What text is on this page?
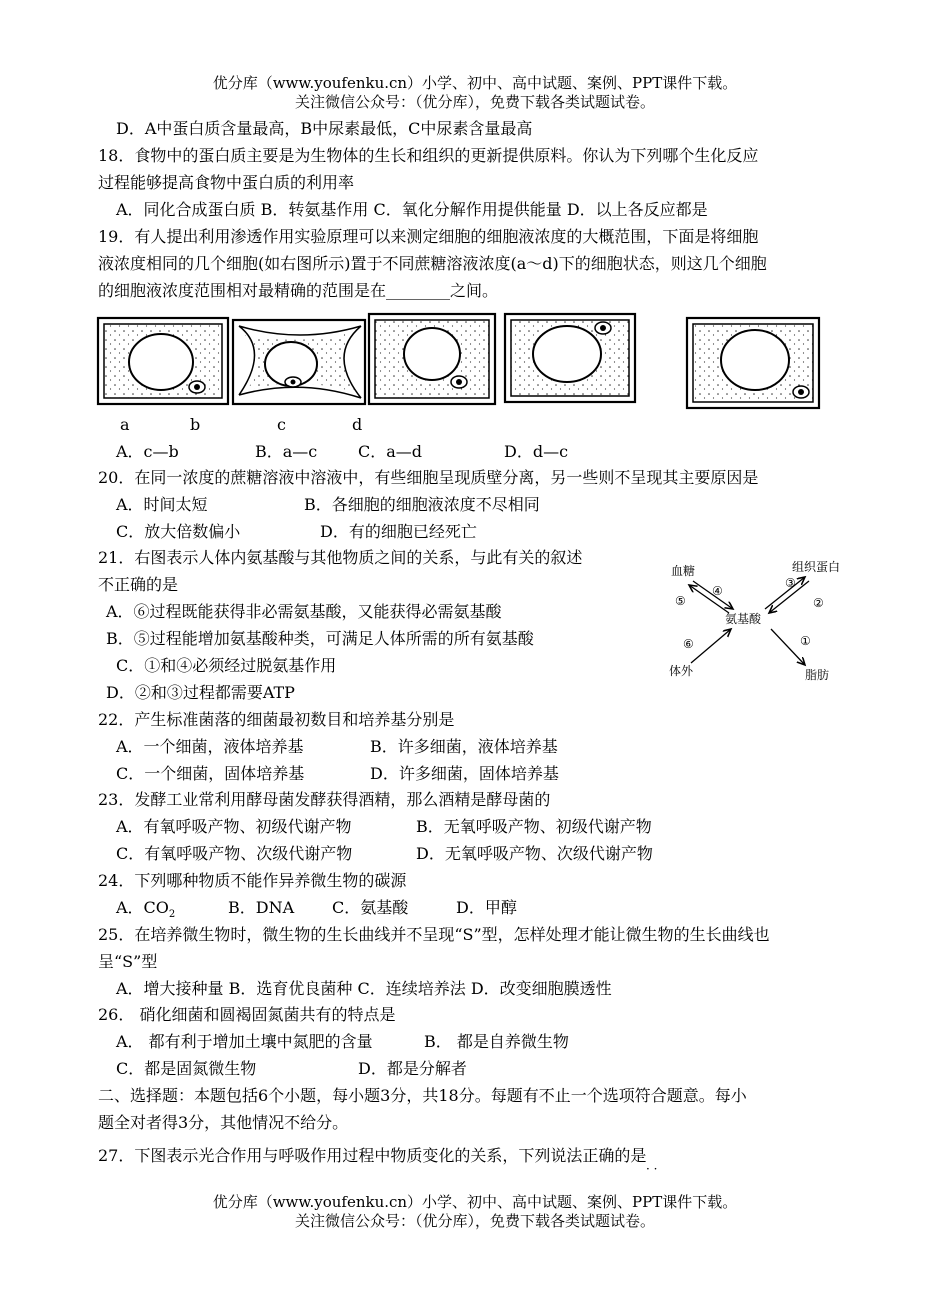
优分库（www.youfenku.cn）小学、初中、高中试题、案例、PPT课件下载。
关注微信公众号：（优分库），免费下载各类试题试卷。
D．A中蛋白质含量最高，B中尿素最低，C中尿素含量最高
18．食物中的蛋白质主要是为生物体的生长和组织的更新提供原料。你认为下列哪个生化反应
过程能够提高食物中蛋白质的利用率
A．同化合成蛋白质 B．转氨基作用 C．氧化分解作用提供能量 D．以上各反应都是
19．有人提出利用渗透作用实验原理可以来测定细胞的细胞液浓度的大概范围，下面是将细胞
液浓度相同的几个细胞(如右图所示)置于不同蔗糖溶液浓度(a～d)下的细胞状态，则这几个细胞
的细胞液浓度范围相对最精确的范围是在________之间。
a	b	c	d
A．c—b	B．a—c	C．a—d	D．d—c
20．在同一浓度的蔗糖溶液中溶液中，有些细胞呈现质壁分离，另一些则不呈现其主要原因是
A．时间太短	B．各细胞的细胞液浓度不尽相同
C．放大倍数偏小	D．有的细胞已经死亡
21．右图表示人体内氨基酸与其他物质之间的关系，与此有关的叙述
不正确的是
A．⑥过程既能获得非必需氨基酸，又能获得必需氨基酸
B．⑤过程能增加氨基酸种类，可满足人体所需的所有氨基酸
C．①和④必须经过脱氨基作用
D．②和③过程都需要ATP
血糖	组织蛋白
氨基酸
体外	脂肪
④
⑤
③
②
⑥	①
22．产生标准菌落的细菌最初数目和培养基分别是
A．一个细菌，液体培养基	B．许多细菌，液体培养基
C．一个细菌，固体培养基	D．许多细菌，固体培养基
23．发酵工业常利用酵母菌发酵获得酒精，那么酒精是酵母菌的
A．有氧呼吸产物、初级代谢产物	B．无氧呼吸产物、初级代谢产物
C．有氧呼吸产物、次级代谢产物	D．无氧呼吸产物、次级代谢产物
24．下列哪种物质不能作异养微生物的碳源
A．$CO_2$	B．DNA C．氨基酸	D．甲醇
25．在培养微生物时，微生物的生长曲线并不呈现“S”型，怎样处理才能让微生物的生长曲线也
呈“S”型
A．增大接种量 B．选育优良菌种 C．连续培养法 D．改变细胞膜透性
26． 硝化细菌和圆褐固氮菌共有的特点是
A． 都有利于增加土壤中氮肥的含量	B． 都是自养微生物
C．都是固氮微生物	D．都是分解者
二、选择题：本题包括6个小题，每小题3分，共18分。每题有不止一个选项符合题意。每小
题全对者得3分，其他情况不给分。
27．下图表示光合作用与呼吸作用过程中物质变化的关系，下列说法正确的是
· ·
优分库（www.youfenku.cn）小学、初中、高中试题、案例、PPT课件下载。
关注微信公众号：（优分库），免费下载各类试题试卷。
